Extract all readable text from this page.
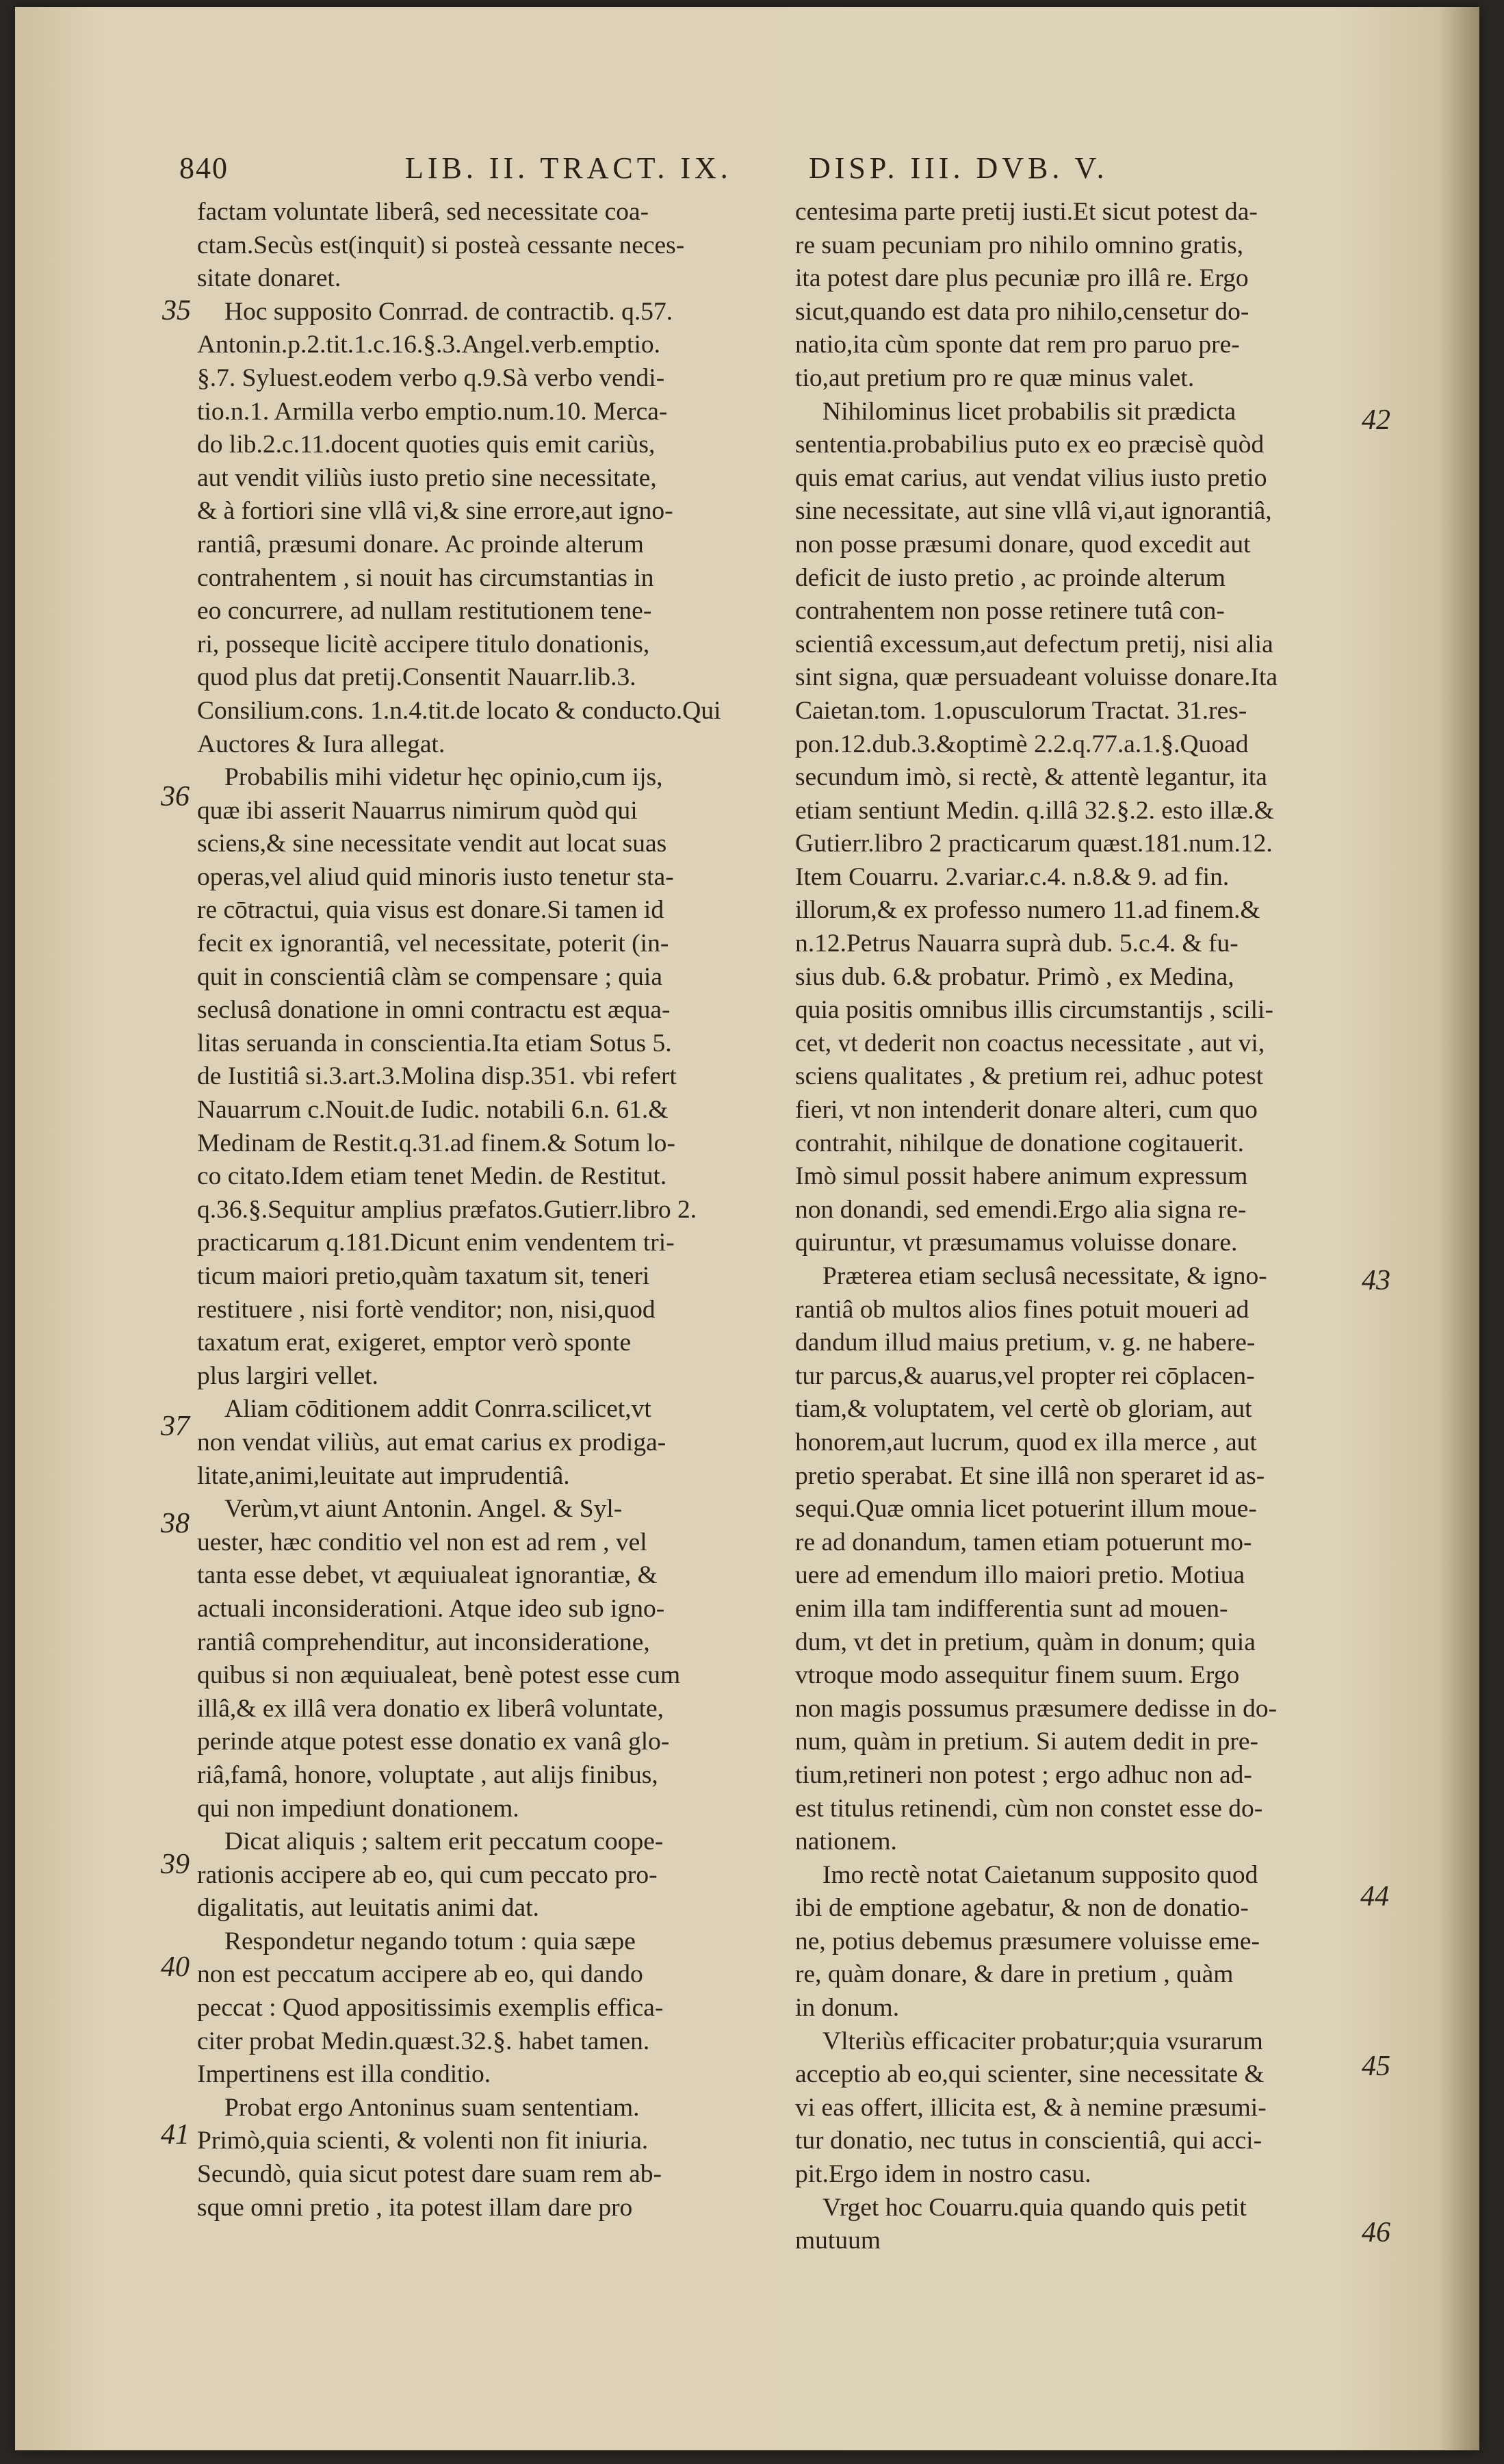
840	LIB. II. TRACT. IX.	DISP. III. DVB. V.
factam voluntate liberâ, sed necessitate coa-
ctam.Secùs est(inquit) si posteà cessante neces-
sitate donaret.
Hoc supposito Conrrad. de contractib. q.57.
Antonin.p.2.tit.1.c.16.§.3.Angel.verb.emptio.
§.7. Syluest.eodem verbo q.9.Sà verbo vendi-
tio.n.1. Armilla verbo emptio.num.10. Merca-
do lib.2.c.11.docent quoties quis emit cariùs,
aut vendit viliùs iusto pretio sine necessitate,
& à fortiori sine vllâ vi,& sine errore,aut igno-
rantiâ, præsumi donare. Ac proinde alterum
contrahentem , si nouit has circumstantias in
eo concurrere, ad nullam restitutionem tene-
ri, posseque licitè accipere titulo donationis,
quod plus dat pretij.Consentit Nauarr.lib.3.
Consilium.cons. 1.n.4.tit.de locato & conducto.Qui
Auctores & Iura allegat.
Probabilis mihi videtur hęc opinio,cum ijs,
quæ ibi asserit Nauarrus nimirum quòd qui
sciens,& sine necessitate vendit aut locat suas
operas,vel aliud quid minoris iusto tenetur sta-
re cōtractui, quia visus est donare.Si tamen id
fecit ex ignorantiâ, vel necessitate, poterit (in-
quit in conscientiâ clàm se compensare ; quia
seclusâ donatione in omni contractu est æqua-
litas seruanda in conscientia.Ita etiam Sotus 5.
de Iustitiâ si.3.art.3.Molina disp.351. vbi refert
Nauarrum c.Nouit.de Iudic. notabili 6.n. 61.&
Medinam de Restit.q.31.ad finem.& Sotum lo-
co citato.Idem etiam tenet Medin. de Restitut.
q.36.§.Sequitur amplius præfatos.Gutierr.libro 2.
practicarum q.181.Dicunt enim vendentem tri-
ticum maiori pretio,quàm taxatum sit, teneri
restituere , nisi fortè venditor; non, nisi,quod
taxatum erat, exigeret, emptor verò sponte
plus largiri vellet.
Aliam cōditionem addit Conrra.scilicet,vt
non vendat viliùs, aut emat carius ex prodiga-
litate,animi,leuitate aut imprudentiâ.
Verùm,vt aiunt Antonin. Angel. & Syl-
uester, hæc conditio vel non est ad rem , vel
tanta esse debet, vt æquiualeat ignorantiæ, &
actuali inconsiderationi. Atque ideo sub igno-
rantiâ comprehenditur, aut inconsideratione,
quibus si non æquiualeat, benè potest esse cum
illâ,& ex illâ vera donatio ex liberâ voluntate,
perinde atque potest esse donatio ex vanâ glo-
riâ,famâ, honore, voluptate , aut alijs finibus,
qui non impediunt donationem.
Dicat aliquis ; saltem erit peccatum coope-
rationis accipere ab eo, qui cum peccato pro-
digalitatis, aut leuitatis animi dat.
Respondetur negando totum : quia sæpe
non est peccatum accipere ab eo, qui dando
peccat : Quod appositissimis exemplis effica-
citer probat Medin.quæst.32.§. habet tamen.
Impertinens est illa conditio.
Probat ergo Antoninus suam sententiam.
Primò,quia scienti, & volenti non fit iniuria.
Secundò, quia sicut potest dare suam rem ab-
sque omni pretio , ita potest illam dare pro
centesima parte pretij iusti.Et sicut potest da-
re suam pecuniam pro nihilo omnino gratis,
ita potest dare plus pecuniæ pro illâ re. Ergo
sicut,quando est data pro nihilo,censetur do-
natio,ita cùm sponte dat rem pro paruo pre-
tio,aut pretium pro re quæ minus valet.
Nihilominus licet probabilis sit prædicta
sententia.probabilius puto ex eo præcisè quòd
quis emat carius, aut vendat vilius iusto pretio
sine necessitate, aut sine vllâ vi,aut ignorantiâ,
non posse præsumi donare, quod excedit aut
deficit de iusto pretio , ac proinde alterum
contrahentem non posse retinere tutâ con-
scientiâ excessum,aut defectum pretij, nisi alia
sint signa, quæ persuadeant voluisse donare.Ita
Caietan.tom. 1.opusculorum Tractat. 31.res-
pon.12.dub.3.&optimè 2.2.q.77.a.1.§.Quoad
secundum imò, si rectè, & attentè legantur, ita
etiam sentiunt Medin. q.illâ 32.§.2. esto illæ.&
Gutierr.libro 2 practicarum quæst.181.num.12.
Item Couarru. 2.variar.c.4. n.8.& 9. ad fin.
illorum,& ex professo numero 11.ad finem.&
n.12.Petrus Nauarra suprà dub. 5.c.4. & fu-
sius dub. 6.& probatur. Primò , ex Medina,
quia positis omnibus illis circumstantijs , scili-
cet, vt dederit non coactus necessitate , aut vi,
sciens qualitates , & pretium rei, adhuc potest
fieri, vt non intenderit donare alteri, cum quo
contrahit, nihilque de donatione cogitauerit.
Imò simul possit habere animum expressum
non donandi, sed emendi.Ergo alia signa re-
quiruntur, vt præsumamus voluisse donare.
Præterea etiam seclusâ necessitate, & igno-
rantiâ ob multos alios fines potuit moueri ad
dandum illud maius pretium, v. g. ne habere-
tur parcus,& auarus,vel propter rei cōplacen-
tiam,& voluptatem, vel certè ob gloriam, aut
honorem,aut lucrum, quod ex illa merce , aut
pretio sperabat. Et sine illâ non speraret id as-
sequi.Quæ omnia licet potuerint illum moue-
re ad donandum, tamen etiam potuerunt mo-
uere ad emendum illo maiori pretio. Motiua
enim illa tam indifferentia sunt ad mouen-
dum, vt det in pretium, quàm in donum; quia
vtroque modo assequitur finem suum. Ergo
non magis possumus præsumere dedisse in do-
num, quàm in pretium. Si autem dedit in pre-
tium,retineri non potest ; ergo adhuc non ad-
est titulus retinendi, cùm non constet esse do-
nationem.
Imo rectè notat Caietanum supposito quod
ibi de emptione agebatur, & non de donatio-
ne, potius debemus præsumere voluisse eme-
re, quàm donare, & dare in pretium , quàm
in donum.
Vlteriùs efficaciter probatur;quia vsurarum
acceptio ab eo,qui scienter, sine necessitate &
vi eas offert, illicita est, & à nemine præsumi-
tur donatio, nec tutus in conscientiâ, qui acci-
pit.Ergo idem in nostro casu.
Vrget hoc Couarru.quia quando quis petit
mutuum
35
36
37
38
39
40
41
42
43
44
45
46
